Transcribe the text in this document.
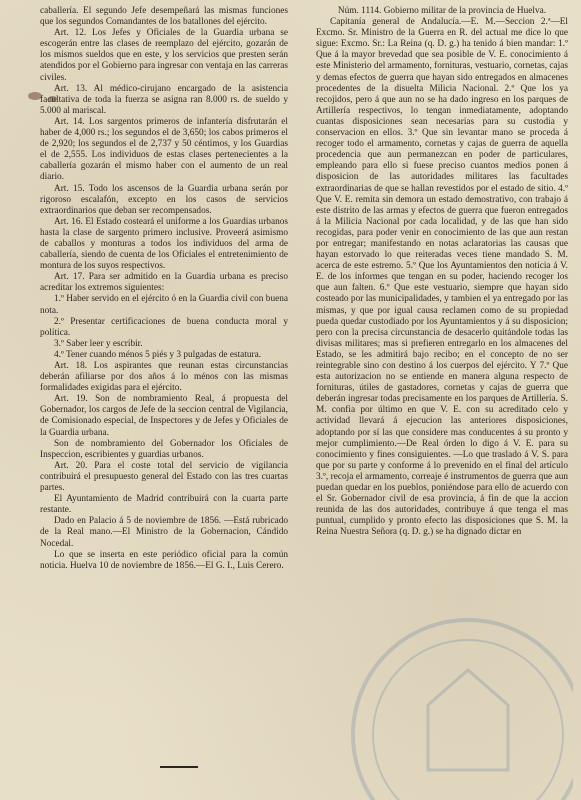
caballería. El segundo Jefe desempeñará las mismas funciones que los segundos Comandantes de los batallones del ejército.

Art. 12. Los Jefes y Oficiales de la Guardia urbana se escogerán entre las clases de reemplazo del ejército, gozarán de los mismos sueldos que en este, y los servicios que presten serán atendidos por el Gobierno para ingresar con ventaja en las carreras civiles.

Art. 13. Al médico-cirujano encargado de la asistencia facultativa de toda la fuerza se asigna ran 8.000 rs. de sueldo y 5.000 al mariscal.

Art. 14. Los sargentos primeros de infantería disfrutarán el haber de 4,000 rs.; los segundos el de 3,650; los cabos primeros el de 2,920; los segundos el de 2,737 y 50 céntimos, y los Guardias el de 2,555. Los individuos de estas clases pertenecientes a la caballería gozarán el mismo haber con el aumento de un real diario.

Art. 15. Todo los ascensos de la Guardia urbana serán por rigoroso escalafón, excepto en los casos de servicios extraordinarios que deban ser recompensados.

Art. 16. El Estado costeará el uniforme a los Guardias urbanos hasta la clase de sargento primero inclusive. Proveerá asimismo de caballos y monturas a todos los individuos del arma de caballería, siendo de cuenta de los Oficiales el entretenimiento de montura de los suyos respectivos.

Art. 17. Para ser admitido en la Guardia urbana es preciso acreditar los extremos siguientes:

1.º Haber servido en el ejército ó en la Guardia civil con buena nota.

2.º Presentar certificaciones de buena conducta moral y política.

3.º Saber leer y escribir.

4.º Tener cuando ménos 5 piés y 3 pulgadas de estatura.

Art. 18. Los aspirantes que reunan estas circunstancias deberán afiliarse por dos años á lo ménos con las mismas formalidades exigidas para el ejército.

Art. 19. Son de nombramiento Real, á propuesta del Gobernador, los cargos de Jefe de la seccion central de Vigilancia, de Comisionado especial, de Inspectores y de Jefes y Oficiales de la Guardia urbana.

Son de nombramiento del Gobernador los Oficiales de Inspeccion, escribientes y guardias urbanos.

Art. 20. Para el coste total del servicio de vigilancia contribuirá el presupuesto general del Estado con las tres cuartas partes.

El Ayuntamiento de Madrid contribuirá con la cuarta parte restante.

Dado en Palacio á 5 de noviembre de 1856. —Está rubricado de la Real mano.—El Ministro de la Gobernacion, Cándido Nocedal.

Lo que se inserta en este periódico oficial para la común noticia. Huelva 10 de noviembre de 1856.—El G. I., Luis Cerero.

Núm. 1114. Gobierno militar de la provincia de Huelva.

Capitanía general de Andalucía.—E. M.—Seccion 2.ª—El Excmo. Sr. Ministro de la Guerra en R. del actual me dice lo que sigue: Excmo. Sr.: La Reina (q. D. g.) ha tenido á bien mandar: 1.º Que á la mayor brevedad que sea posible de V. E. conocimiento á este Ministerio del armamento, fornituras, vestuario, cornetas, cajas y demas efectos de guerra que hayan sido entregados en almacenes procedentes de la disuelta Milicia Nacional. 2.º Que los ya recojidos, pero á que aun no se ha dado ingreso en los parques de Artillería respectivos, lo tengan inmediatamente, adoptando cuantas disposiciones sean necesarias para su custodia y conservacion en ellos. 3.º Que sin levantar mano se proceda á recoger todo el armamento, cornetas y cajas de guerra de aquella procedencia que aun permanezcan en poder de particulares, empleando para ello si fuese preciso cuantos medios ponen á disposicion de las autoridades militares las facultades extraordinarias de que se hallan revestidos por el estado de sitio. 4.º Que V. E. remita sin demora un estado demostrativo, con trabajo á este distrito de las armas y efectos de guerra que fueron entregados á la Milicia Nacional por cada localidad, y de las que han sido recogidas, para poder venir en conocimiento de las que aun restan por entregar; manifestando en notas aclaratorias las causas que hayan estorvado lo que reiteradas veces tiene mandado S. M. acerca de este estremo. 5.º Que los Ayuntamientos den noticia á V. E. de los informes que tengan en su poder, haciendo recoger los que aun falten. 6.º Que este vestuario, siempre que hayan sido costeado por las municipalidades, y tambien el ya entregado por las mismas, y que por igual causa reclamen como de su propiedad pueda quedar custodiado por los Ayuntamientos y á su disposicion; pero con la precisa circunstancia de desacerlo quitándole todas las divisas militares; mas si prefieren entregarlo en los almacenes del Estado, se les admitirá bajo recibo; en el concepto de no ser reintegrable sino con destino á los cuerpos del ejército. Y 7.º Que esta autorizacion no se entiende en manera alguna respecto de fornituras, útiles de gastadores, cornetas y cajas de guerra que deberán ingresar todas precisamente en los parques de Artillería. S. M. confia por último en que V. E. con su acreditado celo y actividad llevará á ejecucion las anteriores disposiciones, adoptando por sí las que considere mas conducentes á su pronto y mejor cumplimiento.—De Real órden lo digo á V. E. para su conocimiento y fines consiguientes. —Lo que traslado á V. S. para que por su parte y conforme á lo prevenido en el final del artículo 3.º, recoja el armamento, correaje é instrumentos de guerra que aun puedan quedar en los pueblos, poniéndose para ello de acuerdo con el Sr. Gobernador civil de esa provincia, á fin de que la accion reunida de las dos autoridades, contribuye á que tenga el mas puntual, cumplido y pronto efecto las disposiciones que S. M. la Reina Nuestra Señora (q. D. g.) se ha dignado dictar en
